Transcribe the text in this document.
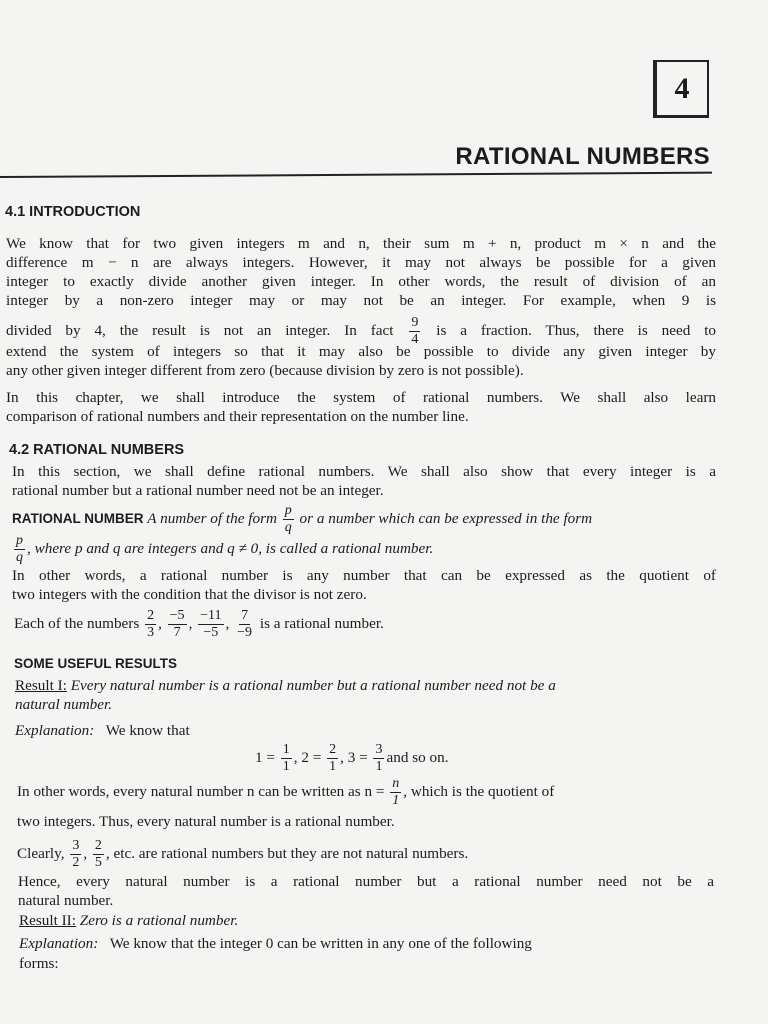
4
RATIONAL NUMBERS
4.1 INTRODUCTION
We know that for two given integers m and n, their sum m + n, product m × n and the
difference m − n are always integers. However, it may not always be possible for a given
integer to exactly divide another given integer. In other words, the result of division of an
integer by a non-zero integer may or may not be an integer. For example, when 9 is
divided by 4, the result is not an integer. In fact $\frac{9}{4}$ is a fraction. Thus, there is need to
extend the system of integers so that it may also be possible to divide any given integer by
any other given integer different from zero (because division by zero is not possible).
In this chapter, we shall introduce the system of rational numbers. We shall also learn
comparison of rational numbers and their representation on the number line.
4.2 RATIONAL NUMBERS
In this section, we shall define rational numbers. We shall also show that every integer is a
rational number but a rational number need not be an integer.
RATIONAL NUMBER A number of the form $\frac{p}{q}$ or a number which can be expressed in the form
$\frac{p}{q}$ , where p and q are integers and q ≠ 0, is called a rational number.
In other words, a rational number is any number that can be expressed as the quotient of
two integers with the condition that the divisor is not zero.
Each of the numbers $\frac{2}{3}$ , $\frac{-5}{7}$ , $\frac{-11}{-5}$ , $\frac{7}{-9}$ is a rational number.
SOME USEFUL RESULTS
Result I: Every natural number is a rational number but a rational number need not be a
natural number.
Explanation: We know that
$1 = \frac{1}{1}$ , $2 = \frac{2}{1}$ , $3 = \frac{3}{1}$ and so on.
In other words, every natural number n can be written as $n = \frac{n}{1}$ , which is the quotient of
two integers. Thus, every natural number is a rational number.
Clearly, $\frac{3}{2}$ , $\frac{2}{5}$ , etc. are rational numbers but they are not natural numbers.
Hence, every natural number is a rational number but a rational number need not be a
natural number.
Result II: Zero is a rational number.
Explanation: We know that the integer 0 can be written in any one of the following
forms:
